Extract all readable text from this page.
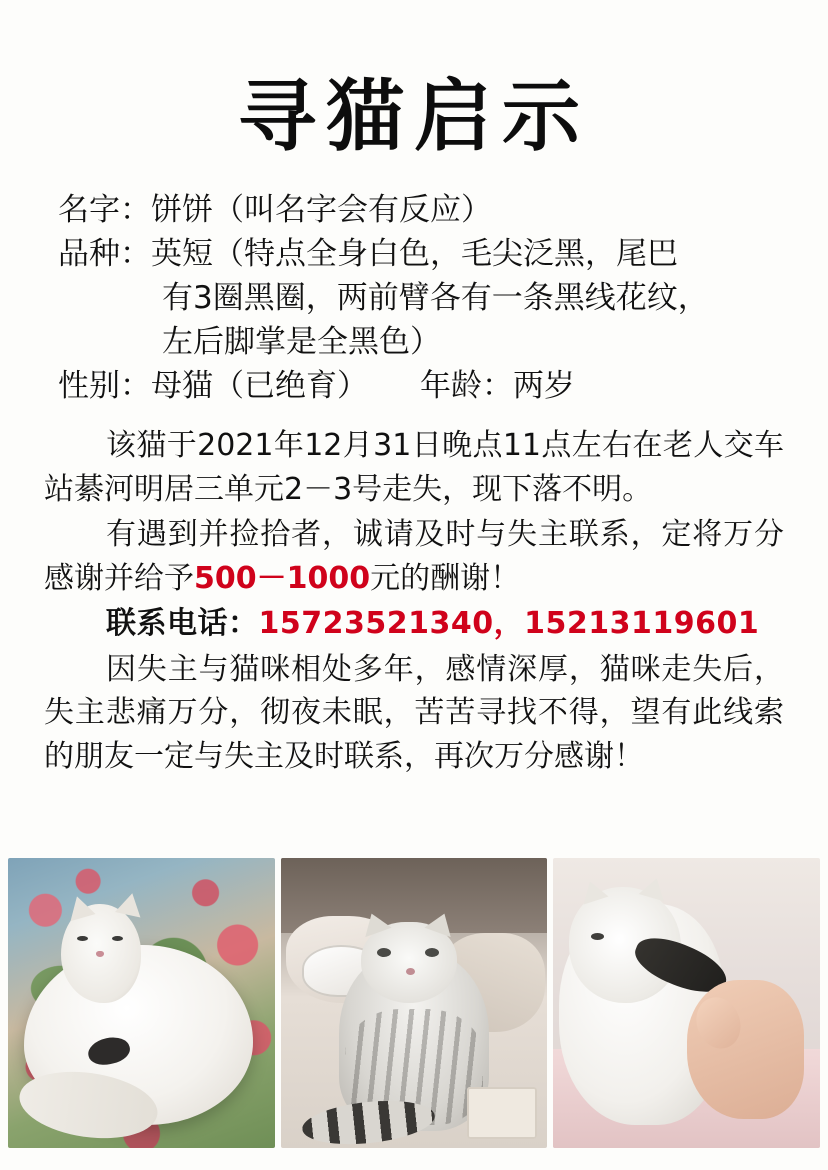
寻猫启示
名字：饼饼（叫名字会有反应）
品种：英短（特点全身白色，毛尖泛黑，尾巴
有3圈黑圈，两前臂各有一条黑线花纹，
左后脚掌是全黑色）
性别：母猫（已绝育） 年龄：两岁

该猫于2021年12月31日晚点11点左右在老人交车站綦河明居三单元2－3号走失，现下落不明。

有遇到并捡拾者，诚请及时与失主联系，定将万分感谢并给予500－1000元的酬谢！

联系电话：15723521340，15213119601

因失主与猫咪相处多年，感情深厚，猫咪走失后，失主悲痛万分，彻夜未眠，苦苦寻找不得，望有此线索的朋友一定与失主及时联系，再次万分感谢！
